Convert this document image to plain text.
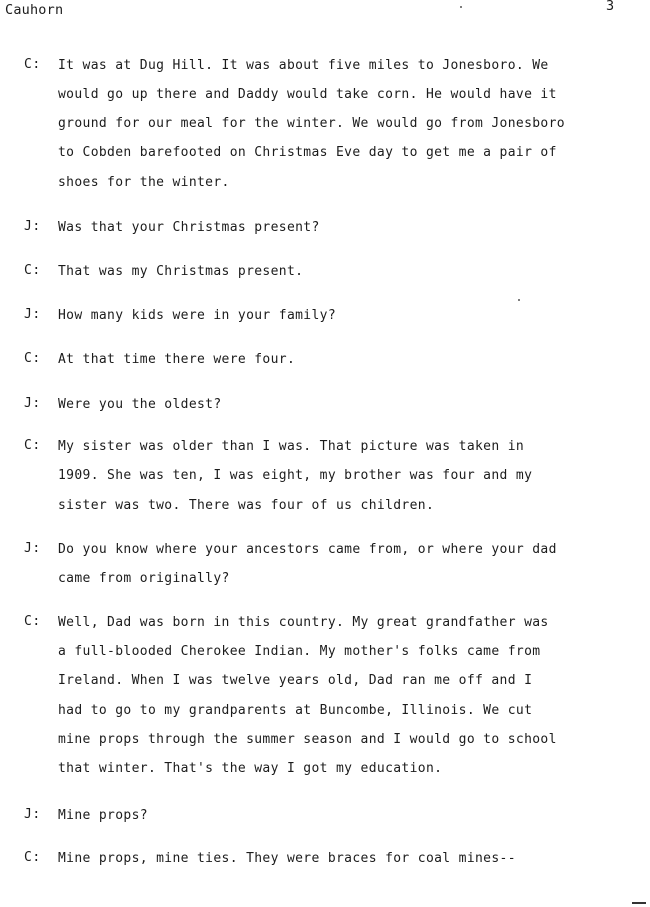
Cauhorn	3
C: It was at Dug Hill. It was about five miles to Jonesboro. We
would go up there and Daddy would take corn. He would have it
ground for our meal for the winter. We would go from Jonesboro
to Cobden barefooted on Christmas Eve day to get me a pair of
shoes for the winter.
J: Was that your Christmas present?
C: That was my Christmas present.
J: How many kids were in your family?
C: At that time there were four.
J: Were you the oldest?
C: My sister was older than I was. That picture was taken in
1909. She was ten, I was eight, my brother was four and my
sister was two. There was four of us children.
J: Do you know where your ancestors came from, or where your dad
came from originally?
C: Well, Dad was born in this country. My great grandfather was
a full-blooded Cherokee Indian. My mother's folks came from
Ireland. When I was twelve years old, Dad ran me off and I
had to go to my grandparents at Buncombe, Illinois. We cut
mine props through the summer season and I would go to school
that winter. That's the way I got my education.
J: Mine props?
C: Mine props, mine ties. They were braces for coal mines--
